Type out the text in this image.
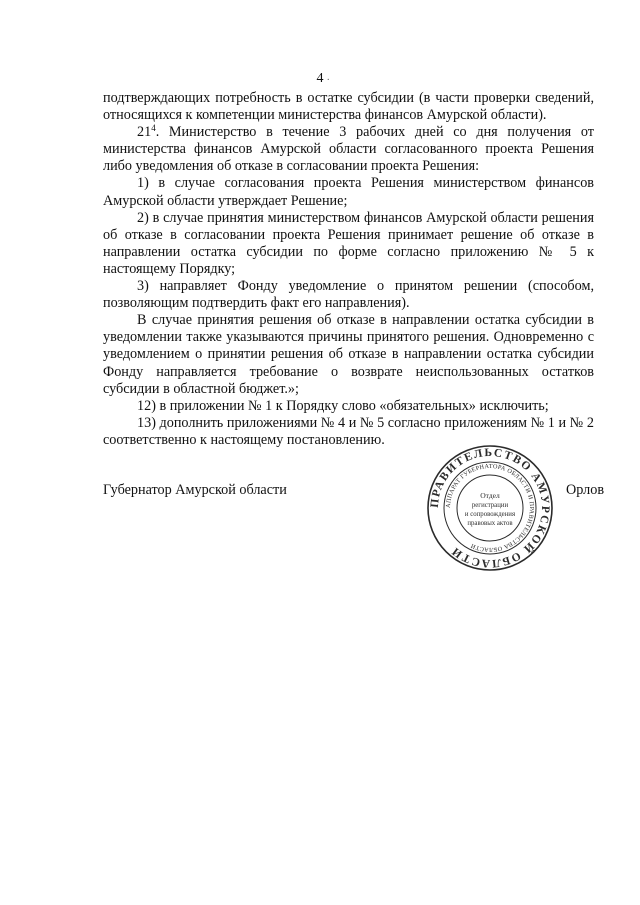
.
4

подтверждающих потребность в остатке субсидии (в части проверки сведений, относящихся к компетенции министерства финансов Амурской области).

$21^4$. Министерство в течение 3 рабочих дней со дня получения от министерства финансов Амурской области согласованного проекта Решения либо уведомления об отказе в согласовании проекта Решения:

1) в случае согласования проекта Решения министерством финансов Амурской области утверждает Решение;

2) в случае принятия министерством финансов Амурской области решения об отказе в согласовании проекта Решения принимает решение об отказе в направлении остатка субсидии по форме согласно приложению № 5 к настоящему Порядку;

3) направляет Фонду уведомление о принятом решении (способом, позволяющим подтвердить факт его направления).

В случае принятия решения об отказе в направлении остатка субсидии в уведомлении также указываются причины принятого решения. Одновременно с уведомлением о принятии решения об отказе в направлении остатка субсидии Фонду направляется требование о возврате неиспользованных остатков субсидии в областной бюджет.»;

12) в приложении № 1 к Порядку слово «обязательных» исключить;

13) дополнить приложениями № 4 и № 5 согласно приложениям № 1 и № 2 соответственно к настоящему постановлению.

Губернатор Амурской области
ПРАВИТЕЛЬСТВО АМУРСКОЙ ОБЛАСТИ
АППАРАТ ГУБЕРНАТОРА ОБЛАСТИ И ПРАВИТЕЛЬСТВА ОБЛАСТИ
Отдел
регистрации
и сопровождения
правовых актов
Орлов
